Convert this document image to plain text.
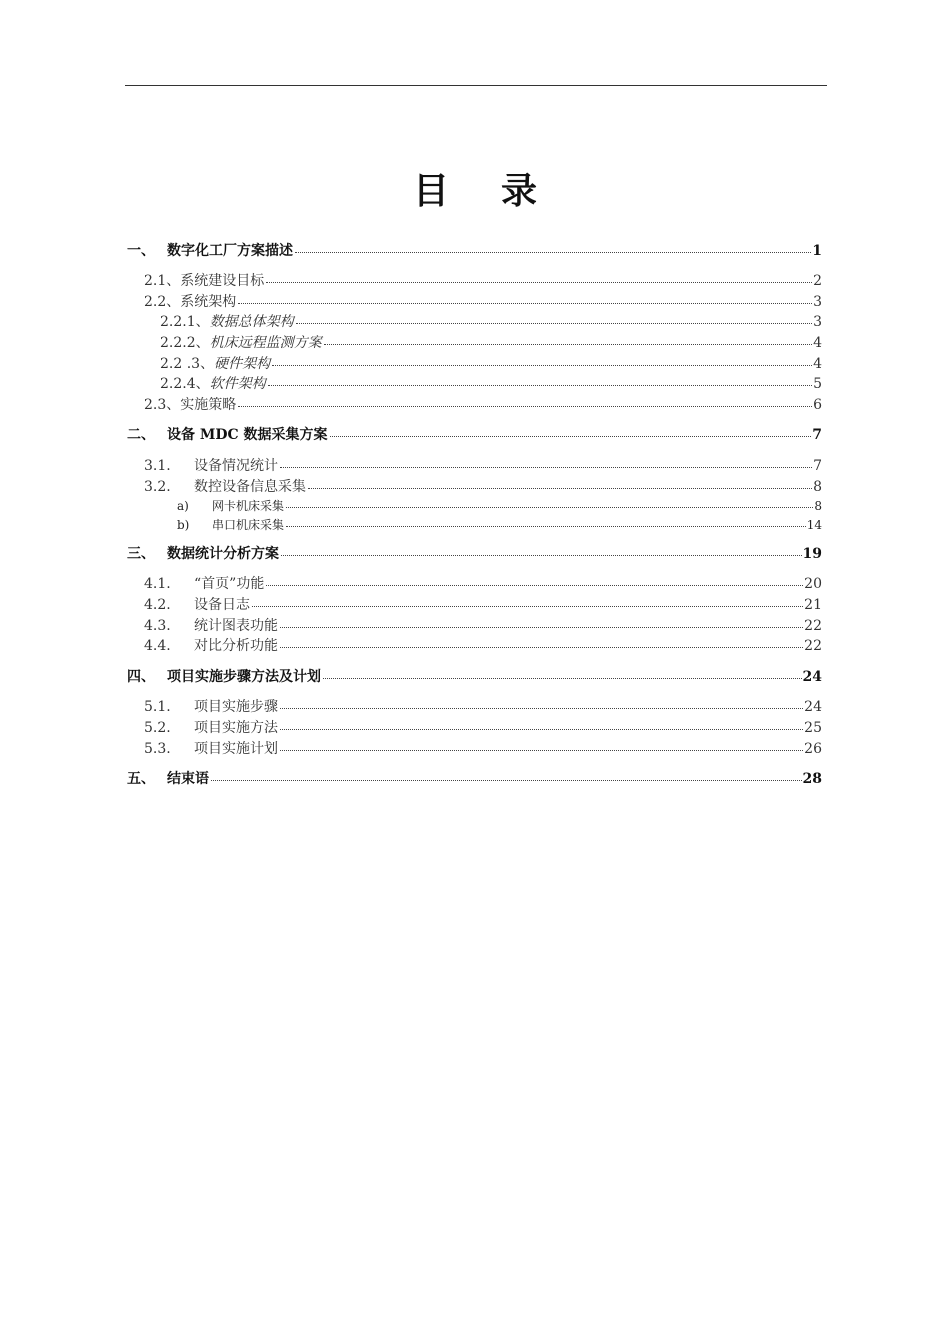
目 录
一、 数字化工厂方案描述	1
2.1、 系统建设目标	2
2.2、 系统架构	3
2.2.1、 数据总体架构	3
2.2.2、 机床远程监测方案	4
2.2 .3、 硬件架构	4
2.2.4、 软件架构	5
2.3、 实施策略	6
二、 设备 MDC 数据采集方案	7
3.1.	设备情况统计	7
3.2.	数控设备信息采集	8
a)	网卡机床采集	8
b)	串口机床采集	14
三、 数据统计分析方案	19
4.1.	“首页”功能	20
4.2.	设备日志	21
4.3.	统计图表功能	22
4.4.	对比分析功能	22
四、 项目实施步骤方法及计划	24
5.1.	项目实施步骤	24
5.2.	项目实施方法	25
5.3.	项目实施计划	26
五、 结束语	28
